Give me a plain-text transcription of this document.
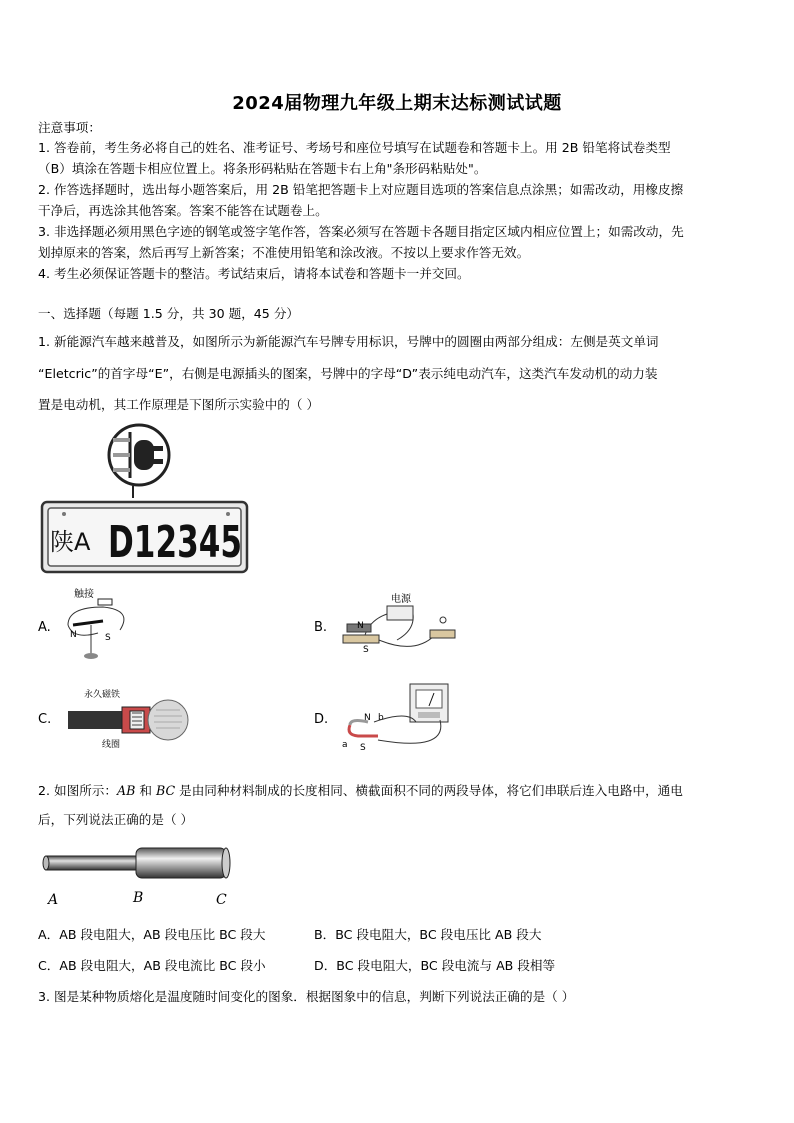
2024届物理九年级上期末达标测试试题
注意事项：
1. 答卷前，考生务必将自己的姓名、准考证号、考场号和座位号填写在试题卷和答题卡上。用 2B 铅笔将试卷类型
（B）填涂在答题卡相应位置上。将条形码粘贴在答题卡右上角"条形码粘贴处"。
2. 作答选择题时，选出每小题答案后，用 2B 铅笔把答题卡上对应题目选项的答案信息点涂黑；如需改动，用橡皮擦
干净后，再选涂其他答案。答案不能答在试题卷上。
3. 非选择题必须用黑色字迹的钢笔或签字笔作答，答案必须写在答题卡各题目指定区域内相应位置上；如需改动，先
划掉原来的答案，然后再写上新答案；不准使用铅笔和涂改液。不按以上要求作答无效。
4. 考生必须保证答题卡的整洁。考试结束后，请将本试卷和答题卡一并交回。
一、选择题（每题 1.5 分，共 30 题，45 分）
1. 新能源汽车越来越普及，如图所示为新能源汽车号牌专用标识，号牌中的圆圈由两部分组成：左侧是英文单词
“Eletcric”的首字母“E”，右侧是电源插头的图案，号牌中的字母“D”表示纯电动汽车，这类汽车发动机的动力装
置是电动机，其工作原理是下图所示实验中的（ ）
陕A D12345
A.
触接
N	S
B.
电源
N
S
C.
永久磁铁
线圈
D.	N b
a S
2. 如图所示：AB 和 BC 是由同种材料制成的长度相同、横截面积不同的两段导体，将它们串联后连入电路中，通电
后，下列说法正确的是（ ）
A	B	C
A．AB 段电阻大，AB 段电压比 BC 段大	B．BC 段电阻大，BC 段电压比 AB 段大
C．AB 段电阻大，AB 段电流比 BC 段小	D．BC 段电阻大，BC 段电流与 AB 段相等
3. 图是某种物质熔化是温度随时间变化的图象．根据图象中的信息，判断下列说法正确的是（ ）
